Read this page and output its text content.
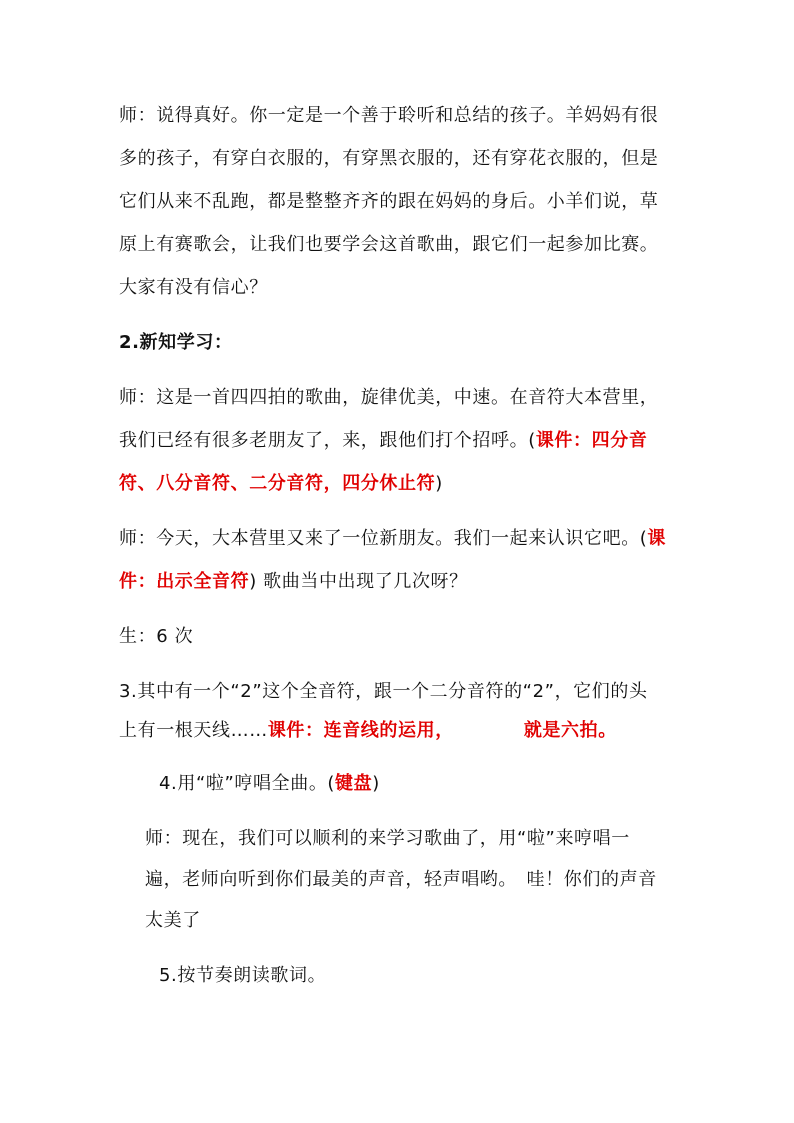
师：说得真好。你一定是一个善于聆听和总结的孩子。羊妈妈有很
多的孩子，有穿白衣服的，有穿黑衣服的，还有穿花衣服的，但是
它们从来不乱跑，都是整整齐齐的跟在妈妈的身后。小羊们说，草
原上有赛歌会，让我们也要学会这首歌曲，跟它们一起参加比赛。
大家有没有信心？
2.新知学习：
师：这是一首四四拍的歌曲，旋律优美，中速。在音符大本营里，
我们已经有很多老朋友了，来，跟他们打个招呼。(课件：四分音
符、八分音符、二分音符，四分休止符)
师：今天，大本营里又来了一位新朋友。我们一起来认识它吧。(课
件：出示全音符) 歌曲当中出现了几次呀？
生：6 次
3.其中有一个“2”这个全音符，跟一个二分音符的“2”，它们的头
上有一根天线……课件：连音线的运用，	就是六拍。
4.用“啦”哼唱全曲。(键盘)
师：现在，我们可以顺利的来学习歌曲了，用“啦”来哼唱一
遍，老师向听到你们最美的声音，轻声唱哟。　哇！你们的声音
太美了
5.按节奏朗读歌词。
